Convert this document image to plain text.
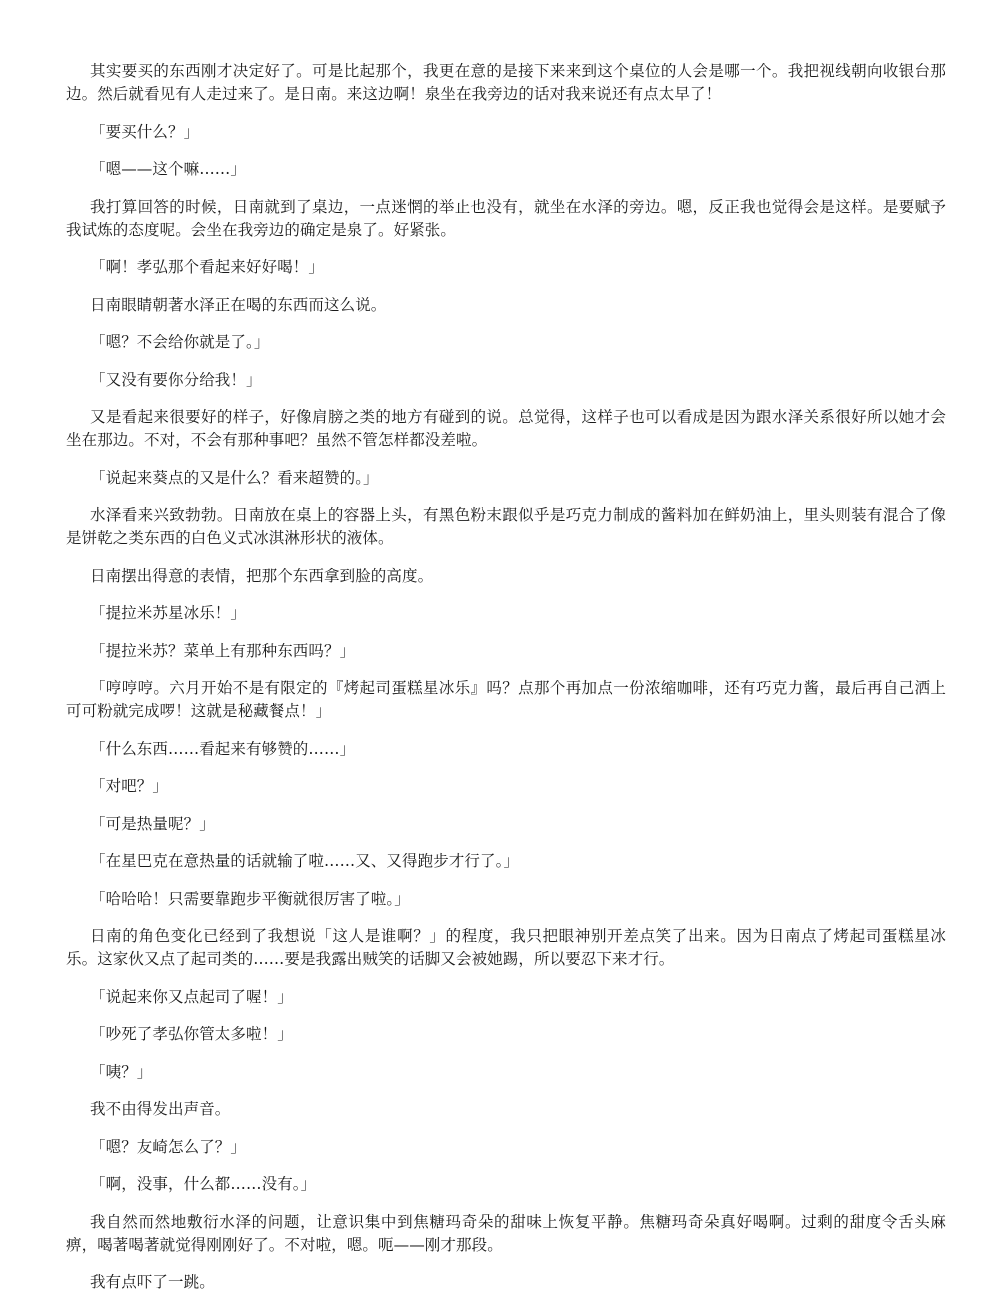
其实要买的东西刚才决定好了。可是比起那个，我更在意的是接下来来到这个桌位的人会是哪一个。我把视线朝向收银台那边。然后就看见有人走过来了。是日南。来这边啊！泉坐在我旁边的话对我来说还有点太早了！

「要买什么？」

「嗯——这个嘛……」

我打算回答的时候，日南就到了桌边，一点迷惘的举止也没有，就坐在水泽的旁边。嗯，反正我也觉得会是这样。是要赋予我试炼的态度呢。会坐在我旁边的确定是泉了。好紧张。

「啊！孝弘那个看起来好好喝！」

日南眼睛朝著水泽正在喝的东西而这么说。

「嗯？不会给你就是了。」

「又没有要你分给我！」

又是看起来很要好的样子，好像肩膀之类的地方有碰到的说。总觉得，这样子也可以看成是因为跟水泽关系很好所以她才会坐在那边。不对，不会有那种事吧？虽然不管怎样都没差啦。

「说起来葵点的又是什么？看来超赞的。」

水泽看来兴致勃勃。日南放在桌上的容器上头，有黑色粉末跟似乎是巧克力制成的酱料加在鲜奶油上，里头则装有混合了像是饼乾之类东西的白色义式冰淇淋形状的液体。

日南摆出得意的表情，把那个东西拿到脸的高度。

「提拉米苏星冰乐！」

「提拉米苏？菜单上有那种东西吗？」

「哼哼哼。六月开始不是有限定的『烤起司蛋糕星冰乐』吗？点那个再加点一份浓缩咖啡，还有巧克力酱，最后再自己洒上可可粉就完成啰！这就是秘藏餐点！」

「什么东西……看起来有够赞的……」

「对吧？」

「可是热量呢？」

「在星巴克在意热量的话就输了啦……又、又得跑步才行了。」

「哈哈哈！只需要靠跑步平衡就很厉害了啦。」

日南的角色变化已经到了我想说「这人是谁啊？」的程度，我只把眼神别开差点笑了出来。因为日南点了烤起司蛋糕星冰乐。这家伙又点了起司类的……要是我露出贼笑的话脚又会被她踢，所以要忍下来才行。

「说起来你又点起司了喔！」

「吵死了孝弘你管太多啦！」

「咦？」

我不由得发出声音。

「嗯？友崎怎么了？」

「啊，没事，什么都……没有。」

我自然而然地敷衍水泽的问题，让意识集中到焦糖玛奇朵的甜味上恢复平静。焦糖玛奇朵真好喝啊。过剩的甜度令舌头麻痹，喝著喝著就觉得刚刚好了。不对啦，嗯。呃——刚才那段。

我有点吓了一跳。
